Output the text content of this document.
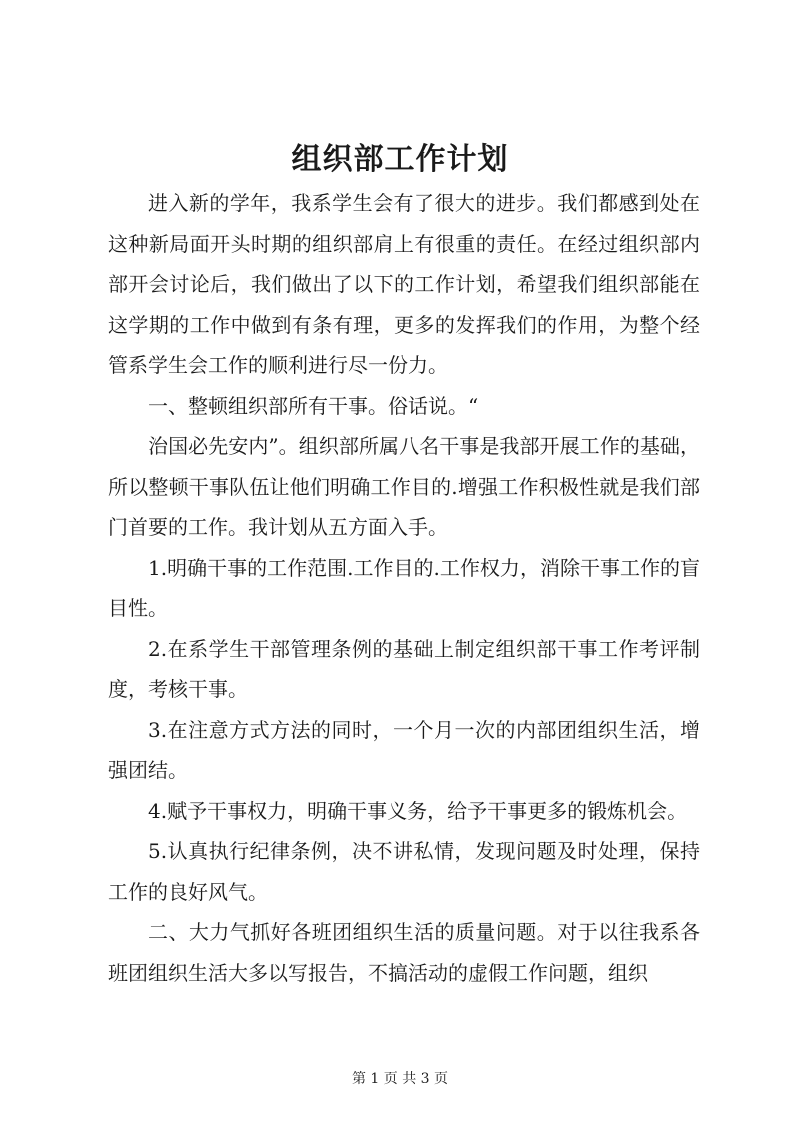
组织部工作计划

进入新的学年，我系学生会有了很大的进步。我们都感到处在这种新局面开头时期的组织部肩上有很重的责任。在经过组织部内部开会讨论后，我们做出了以下的工作计划，希望我们组织部能在这学期的工作中做到有条有理，更多的发挥我们的作用，为整个经管系学生会工作的顺利进行尽一份力。

一、整顿组织部所有干事。俗话说。“

治国必先安内”。组织部所属八名干事是我部开展工作的基础，所以整顿干事队伍让他们明确工作目的.增强工作积极性就是我们部门首要的工作。我计划从五方面入手。

1.明确干事的工作范围.工作目的.工作权力，消除干事工作的盲目性。

2.在系学生干部管理条例的基础上制定组织部干事工作考评制度，考核干事。

3.在注意方式方法的同时，一个月一次的内部团组织生活，增强团结。

4.赋予干事权力，明确干事义务，给予干事更多的锻炼机会。

5.认真执行纪律条例，决不讲私情，发现问题及时处理，保持工作的良好风气。

二、大力气抓好各班团组织生活的质量问题。对于以往我系各班团组织生活大多以写报告，不搞活动的虚假工作问题，组织

第 1 页 共 3 页
